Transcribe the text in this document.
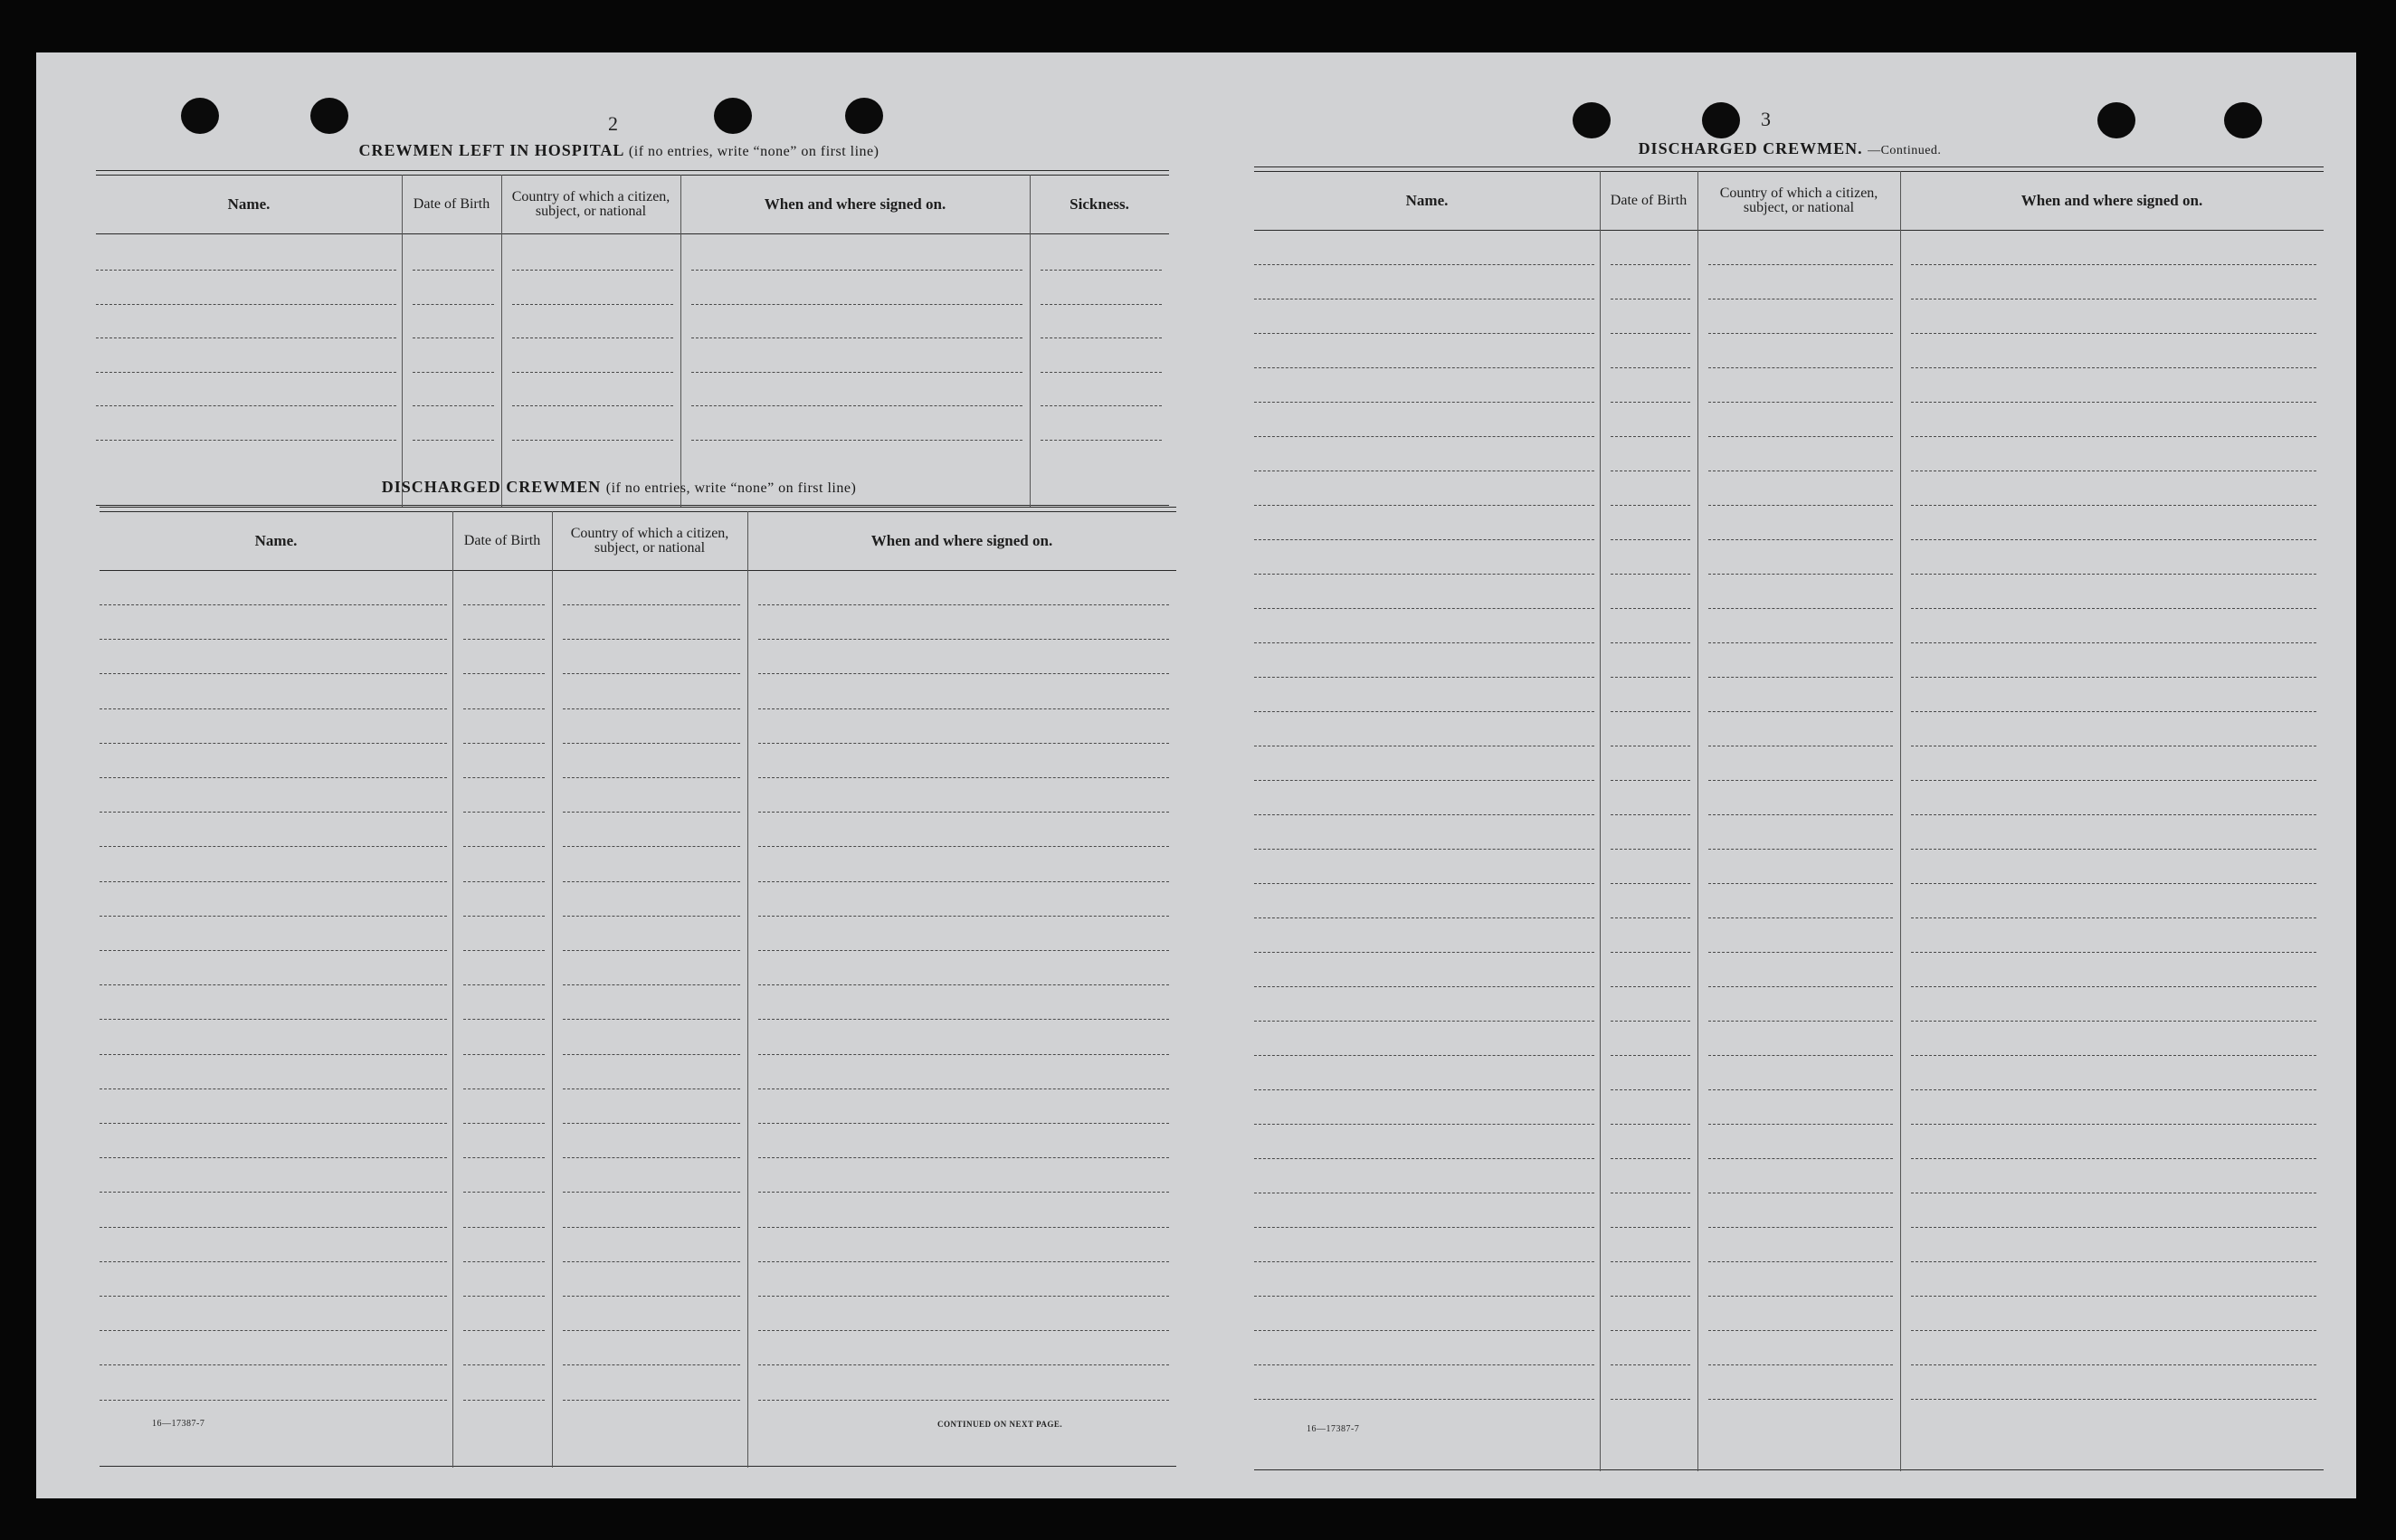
2
CREWMEN LEFT IN HOSPITAL (if no entries, write “none” on first line)
Name.	Date of Birth	Country of which a citizen, subject, or national	When and where signed on.	Sickness.
DISCHARGED CREWMEN (if no entries, write “none” on first line)
Name.	Date of Birth	Country of which a citizen, subject, or national	When and where signed on.
16—17387-7	CONTINUED ON NEXT PAGE.
3
DISCHARGED CREWMEN. —Continued.
Name.	Date of Birth	Country of which a citizen, subject, or national	When and where signed on.
16—17387-7
